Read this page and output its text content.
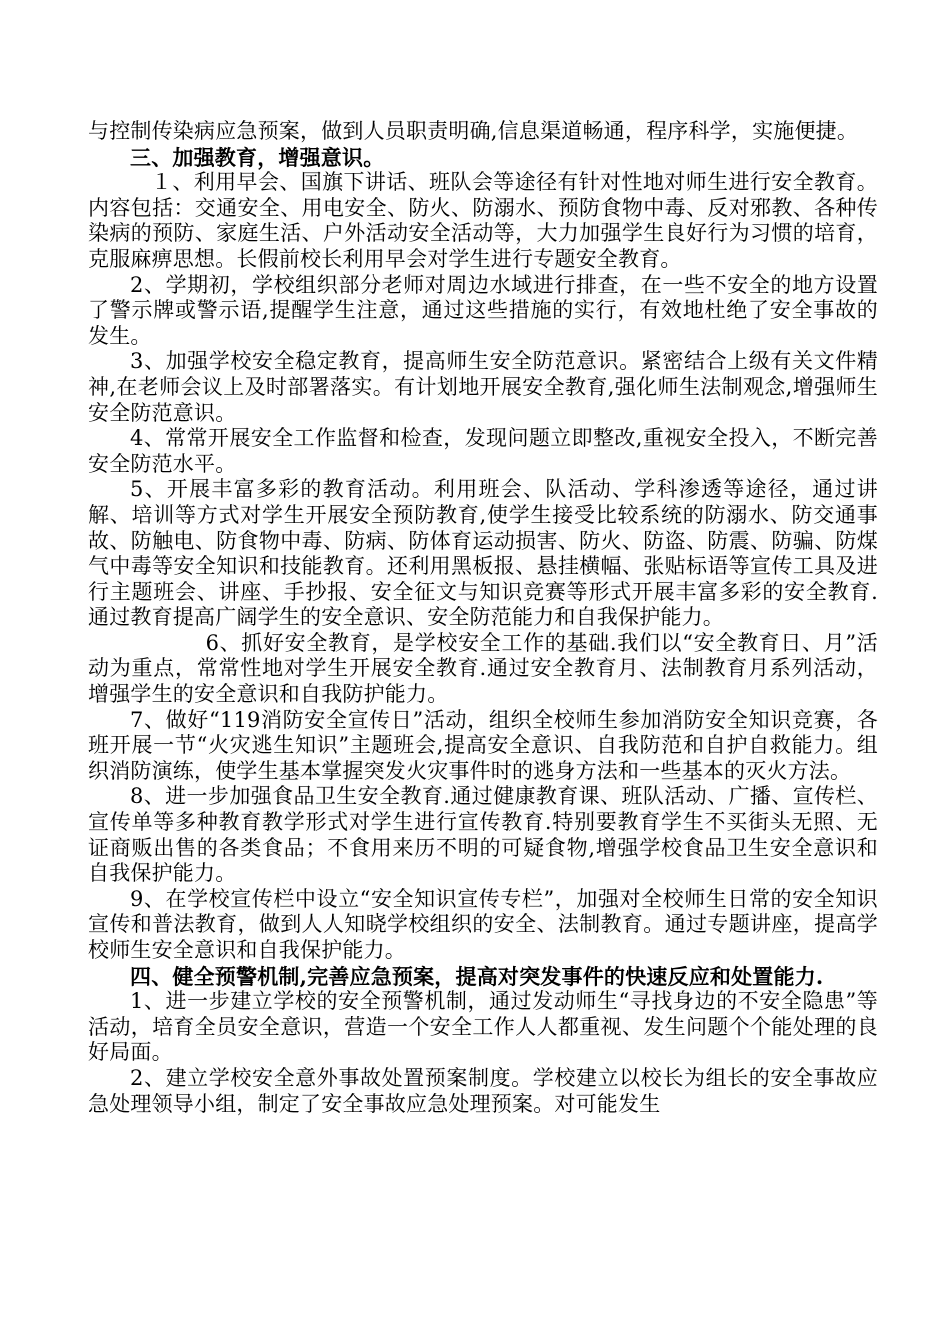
与控制传染病应急预案，做到人员职责明确,信息渠道畅通，程序科学，实施便捷。

三、加强教育，增强意识。

１、利用早会、国旗下讲话、班队会等途径有针对性地对师生进行安全教育。内容包括：交通安全、用电安全、防火、防溺水、预防食物中毒、反对邪教、各种传染病的预防、家庭生活、户外活动安全活动等，大力加强学生良好行为习惯的培育，克服麻痹思想。长假前校长利用早会对学生进行专题安全教育。

2、学期初，学校组织部分老师对周边水域进行排查，在一些不安全的地方设置了警示牌或警示语,提醒学生注意，通过这些措施的实行，有效地杜绝了安全事故的发生。

3、加强学校安全稳定教育，提高师生安全防范意识。紧密结合上级有关文件精神,在老师会议上及时部署落实。有计划地开展安全教育,强化师生法制观念,增强师生安全防范意识。

4、常常开展安全工作监督和检查，发现问题立即整改,重视安全投入，不断完善安全防范水平。

5、开展丰富多彩的教育活动。利用班会、队活动、学科渗透等途径，通过讲解、培训等方式对学生开展安全预防教育,使学生接受比较系统的防溺水、防交通事故、防触电、防食物中毒、防病、防体育运动损害、防火、防盗、防震、防骗、防煤气中毒等安全知识和技能教育。还利用黑板报、悬挂横幅、张贴标语等宣传工具及进行主题班会、讲座、手抄报、安全征文与知识竞赛等形式开展丰富多彩的安全教育.通过教育提高广阔学生的安全意识、安全防范能力和自我保护能力。

6、抓好安全教育，是学校安全工作的基础.我们以“安全教育日、月”活动为重点，常常性地对学生开展安全教育.通过安全教育月、法制教育月系列活动，增强学生的安全意识和自我防护能力。

7、做好“119消防安全宣传日”活动，组织全校师生参加消防安全知识竞赛，各班开展一节“火灾逃生知识”主题班会,提高安全意识、自我防范和自护自救能力。组织消防演练，使学生基本掌握突发火灾事件时的逃身方法和一些基本的灭火方法。

8、进一步加强食品卫生安全教育.通过健康教育课、班队活动、广播、宣传栏、宣传单等多种教育教学形式对学生进行宣传教育.特别要教育学生不买街头无照、无证商贩出售的各类食品；不食用来历不明的可疑食物,增强学校食品卫生安全意识和自我保护能力。

9、在学校宣传栏中设立“安全知识宣传专栏”，加强对全校师生日常的安全知识宣传和普法教育，做到人人知晓学校组织的安全、法制教育。通过专题讲座，提高学校师生安全意识和自我保护能力。

四、健全预警机制,完善应急预案，提高对突发事件的快速反应和处置能力.

1、进一步建立学校的安全预警机制，通过发动师生“寻找身边的不安全隐患”等活动，培育全员安全意识，营造一个安全工作人人都重视、发生问题个个能处理的良好局面。

2、建立学校安全意外事故处置预案制度。学校建立以校长为组长的安全事故应急处理领导小组，制定了安全事故应急处理预案。对可能发生
